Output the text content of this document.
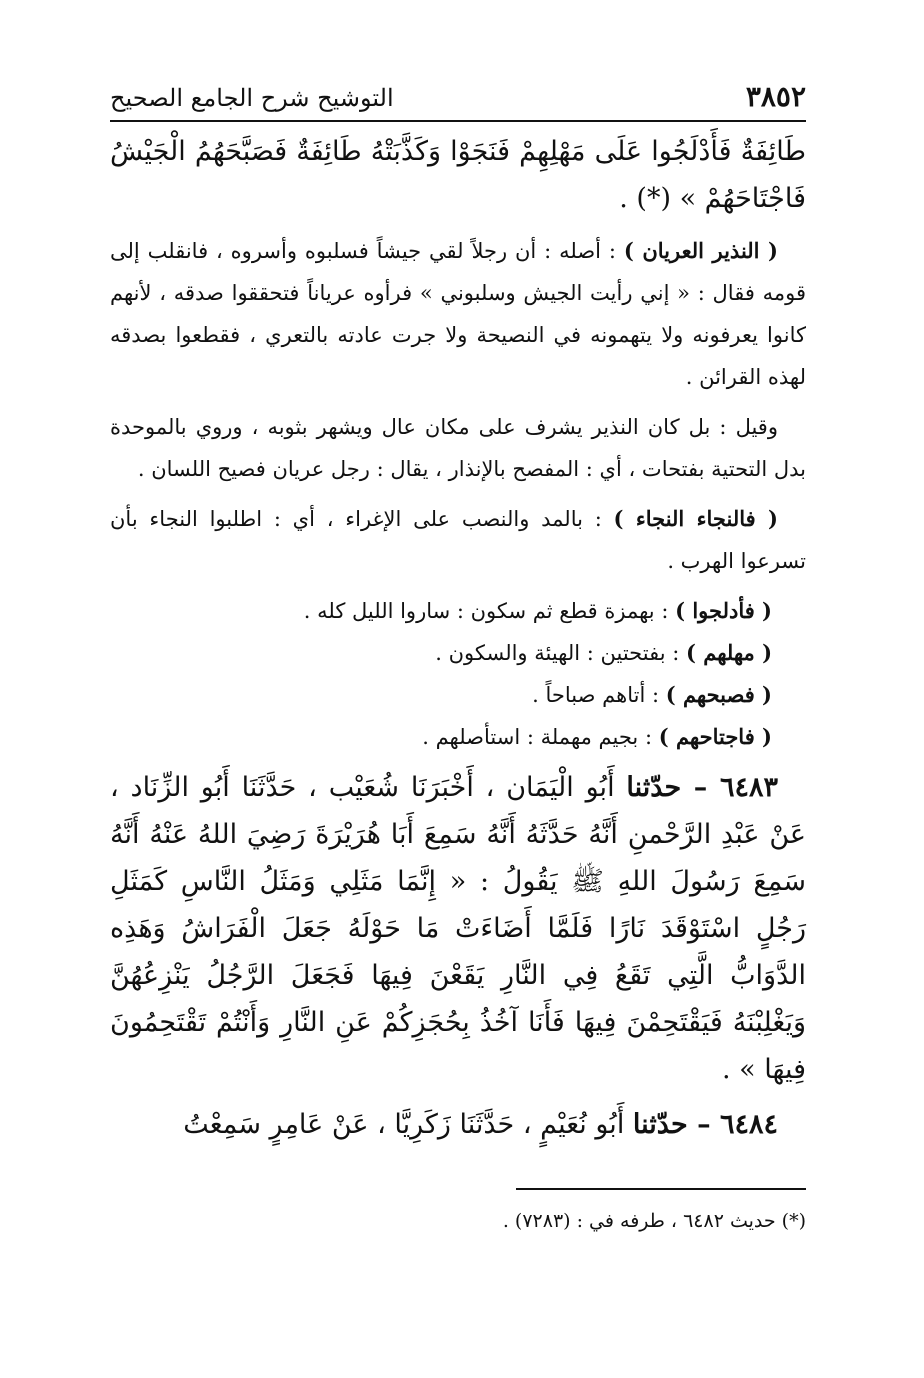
٣٨٥٢
التوشيح شرح الجامع الصحيح

طَائِفَةٌ فَأَدْلَجُوا عَلَى مَهْلِهِمْ فَنَجَوْا وَكَذَّبَتْهُ طَائِفَةٌ فَصَبَّحَهُمُ الْجَيْشُ فَاجْتَاحَهُمْ » (*) .

( النذير العريان ) : أصله : أن رجلاً لقي جيشاً فسلبوه وأسروه ، فانقلب إلى قومه فقال : « إني رأيت الجيش وسلبوني » فرأوه عرياناً فتحققوا صدقه ، لأنهم كانوا يعرفونه ولا يتهمونه في النصيحة ولا جرت عادته بالتعري ، فقطعوا بصدقه لهذه القرائن .

وقيل : بل كان النذير يشرف على مكان عال ويشهر بثوبه ، وروي بالموحدة بدل التحتية بفتحات ، أي : المفصح بالإنذار ، يقال : رجل عريان فصيح اللسان .

( فالنجاء النجاء ) : بالمد والنصب على الإغراء ، أي : اطلبوا النجاء بأن تسرعوا الهرب .

( فأدلجوا ) : بهمزة قطع ثم سكون : ساروا الليل كله .

( مهلهم ) : بفتحتين : الهيئة والسكون .

( فصبحهم ) : أتاهم صباحاً .

( فاجتاحهم ) : بجيم مهملة : استأصلهم .

٦٤٨٣ – حدّثنا أَبُو الْيَمَان ، أَخْبَرَنَا شُعَيْب ، حَدَّثَنَا أَبُو الزِّنَاد ، عَنْ عَبْدِ الرَّحْمنِ أَنَّهُ حَدَّثَهُ أَنَّهُ سَمِعَ أَبَا هُرَيْرَةَ رَضِيَ اللهُ عَنْهُ أَنَّهُ سَمِعَ رَسُولَ اللهِ ﷺ يَقُولُ : « إِنَّمَا مَثَلِي وَمَثَلُ النَّاسِ كَمَثَلِ رَجُلٍ اسْتَوْقَدَ نَارًا فَلَمَّا أَضَاءَتْ مَا حَوْلَهُ جَعَلَ الْفَرَاشُ وَهَذِه الدَّوَابُّ الَّتِي تَقَعُ فِي النَّارِ يَقَعْنَ فِيهَا فَجَعَلَ الرَّجُلُ يَنْزِعُهُنَّ وَيَغْلِبْنَهُ فَيَقْتَحِمْنَ فِيهَا فَأَنَا آخُذُ بِحُجَزِكُمْ عَنِ النَّارِ وَأَنْتُمْ تَقْتَحِمُونَ فِيهَا » .

٦٤٨٤ – حدّثنا أَبُو نُعَيْمٍ ، حَدَّثَنَا زَكَرِيَّا ، عَنْ عَامِرٍ سَمِعْتُ

(*) حديث ٦٤٨٢ ، طرفه في : (٧٢٨٣) .
